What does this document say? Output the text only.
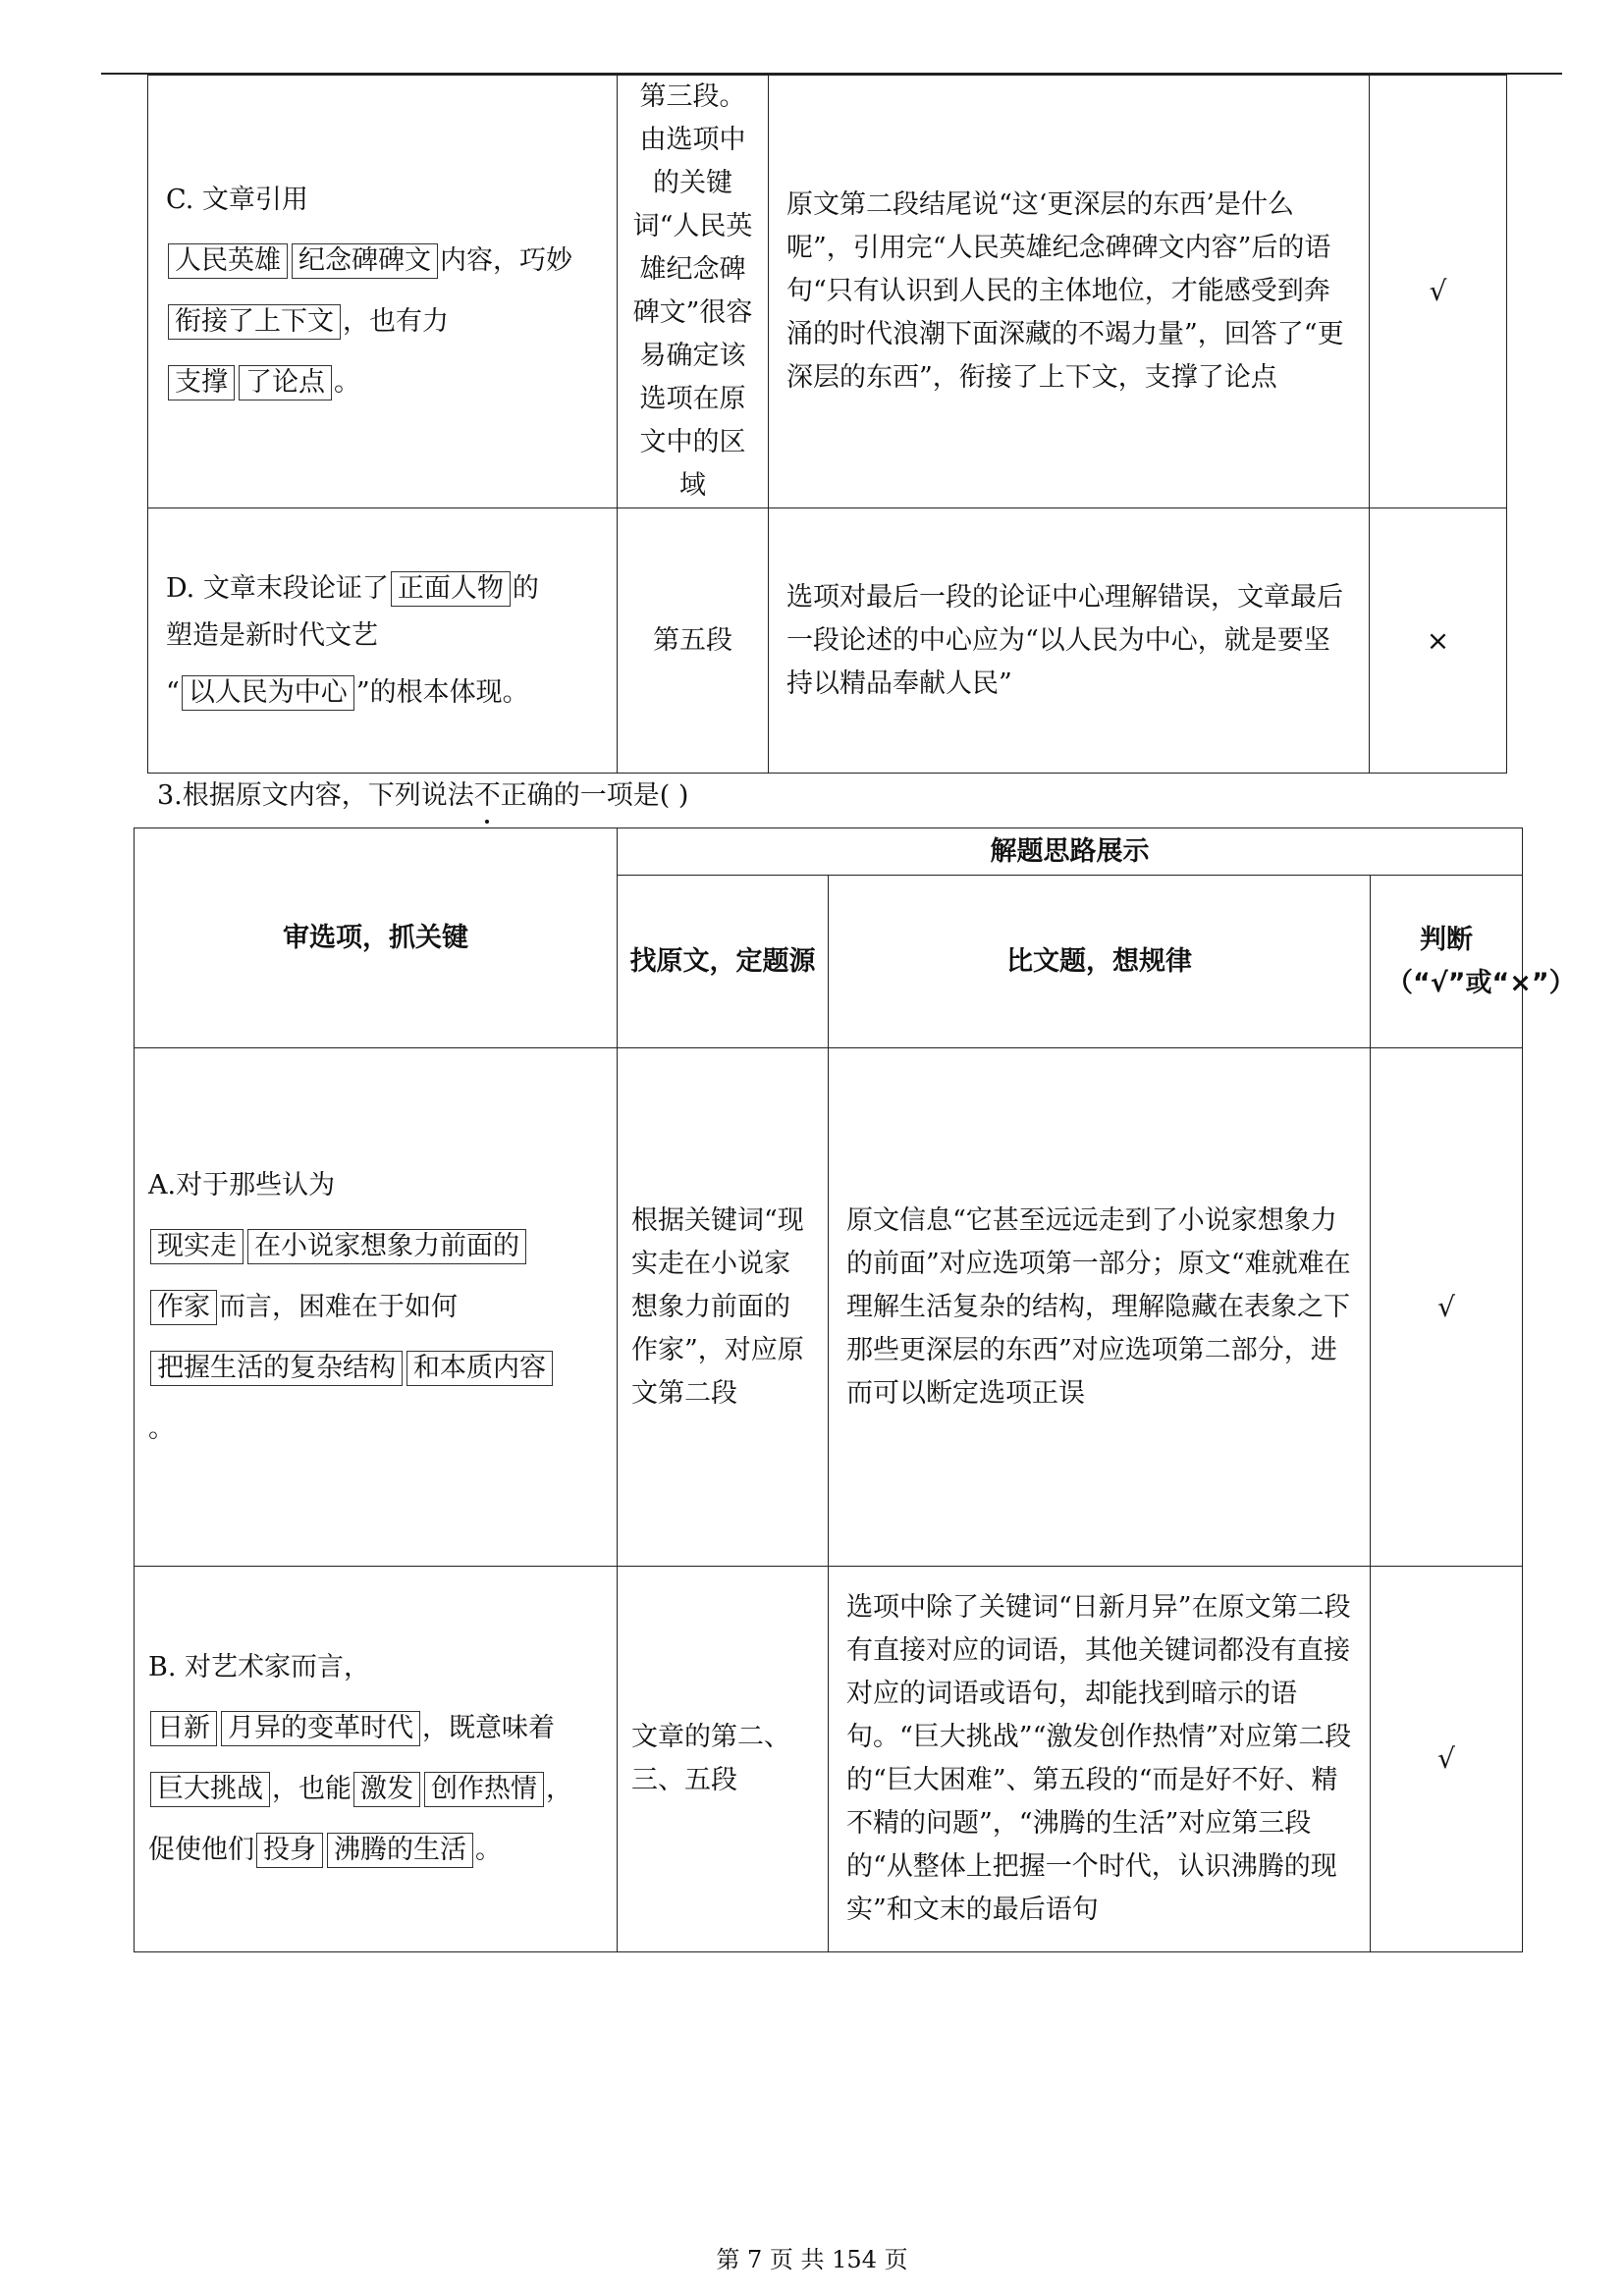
C. 文章引用
人民英雄 纪念碑碑文 内容，巧妙
衔接了上下文 ，也有力
支撑 了论点 。	第三段。由选项中的关键词“人民英雄纪念碑碑文”很容易确定该选项在原文中的区域	原文第二段结尾说“这‘更深层的东西’是什么呢”，引用完“人民英雄纪念碑碑文内容”后的语句“只有认识到人民的主体地位，才能感受到奔涌的时代浪潮下面深藏的不竭力量”，回答了“更深层的东西”，衔接了上下文，支撑了论点	√

D. 文章末段论证了 正面人物 的
塑造是新时代文艺
“ 以人民为中心 ”的根本体现。	第五段	选项对最后一段的论证中心理解错误，文章最后一段论述的中心应为“以人民为中心，就是要坚持以精品奉献人民”	×
3.根据原文内容，下列说法不正确的一项是( )
审选项，抓关键	解题思路展示		
	找原文，定题源	比文题，想规律	判断（“√”或“×”）

A.对于那些认为
现实走 在小说家想象力前面的
作家 而言，困难在于如何
把握生活的复杂结构 和本质内容
。	根据关键词“现实走在小说家想象力前面的作家”，对应原文第二段	原文信息“它甚至远远走到了小说家想象力的前面”对应选项第一部分；原文“难就难在理解生活复杂的结构，理解隐藏在表象之下那些更深层的东西”对应选项第二部分，进而可以断定选项正误	√

B. 对艺术家而言，
日新 月异的变革时代 ，既意味着
巨大挑战 ，也能 激发 创作热情 ，
促使他们 投身 沸腾的生活 。	文章的第二、三、五段	选项中除了关键词“日新月异”在原文第二段有直接对应的词语，其他关键词都没有直接对应的词语或语句，却能找到暗示的语句。“巨大挑战”“激发创作热情”对应第二段的“巨大困难”、第五段的“而是好不好、精不精的问题”，“沸腾的生活”对应第三段的“从整体上把握一个时代，认识沸腾的现实”和文末的最后语句	√
第 7 页 共 154 页
